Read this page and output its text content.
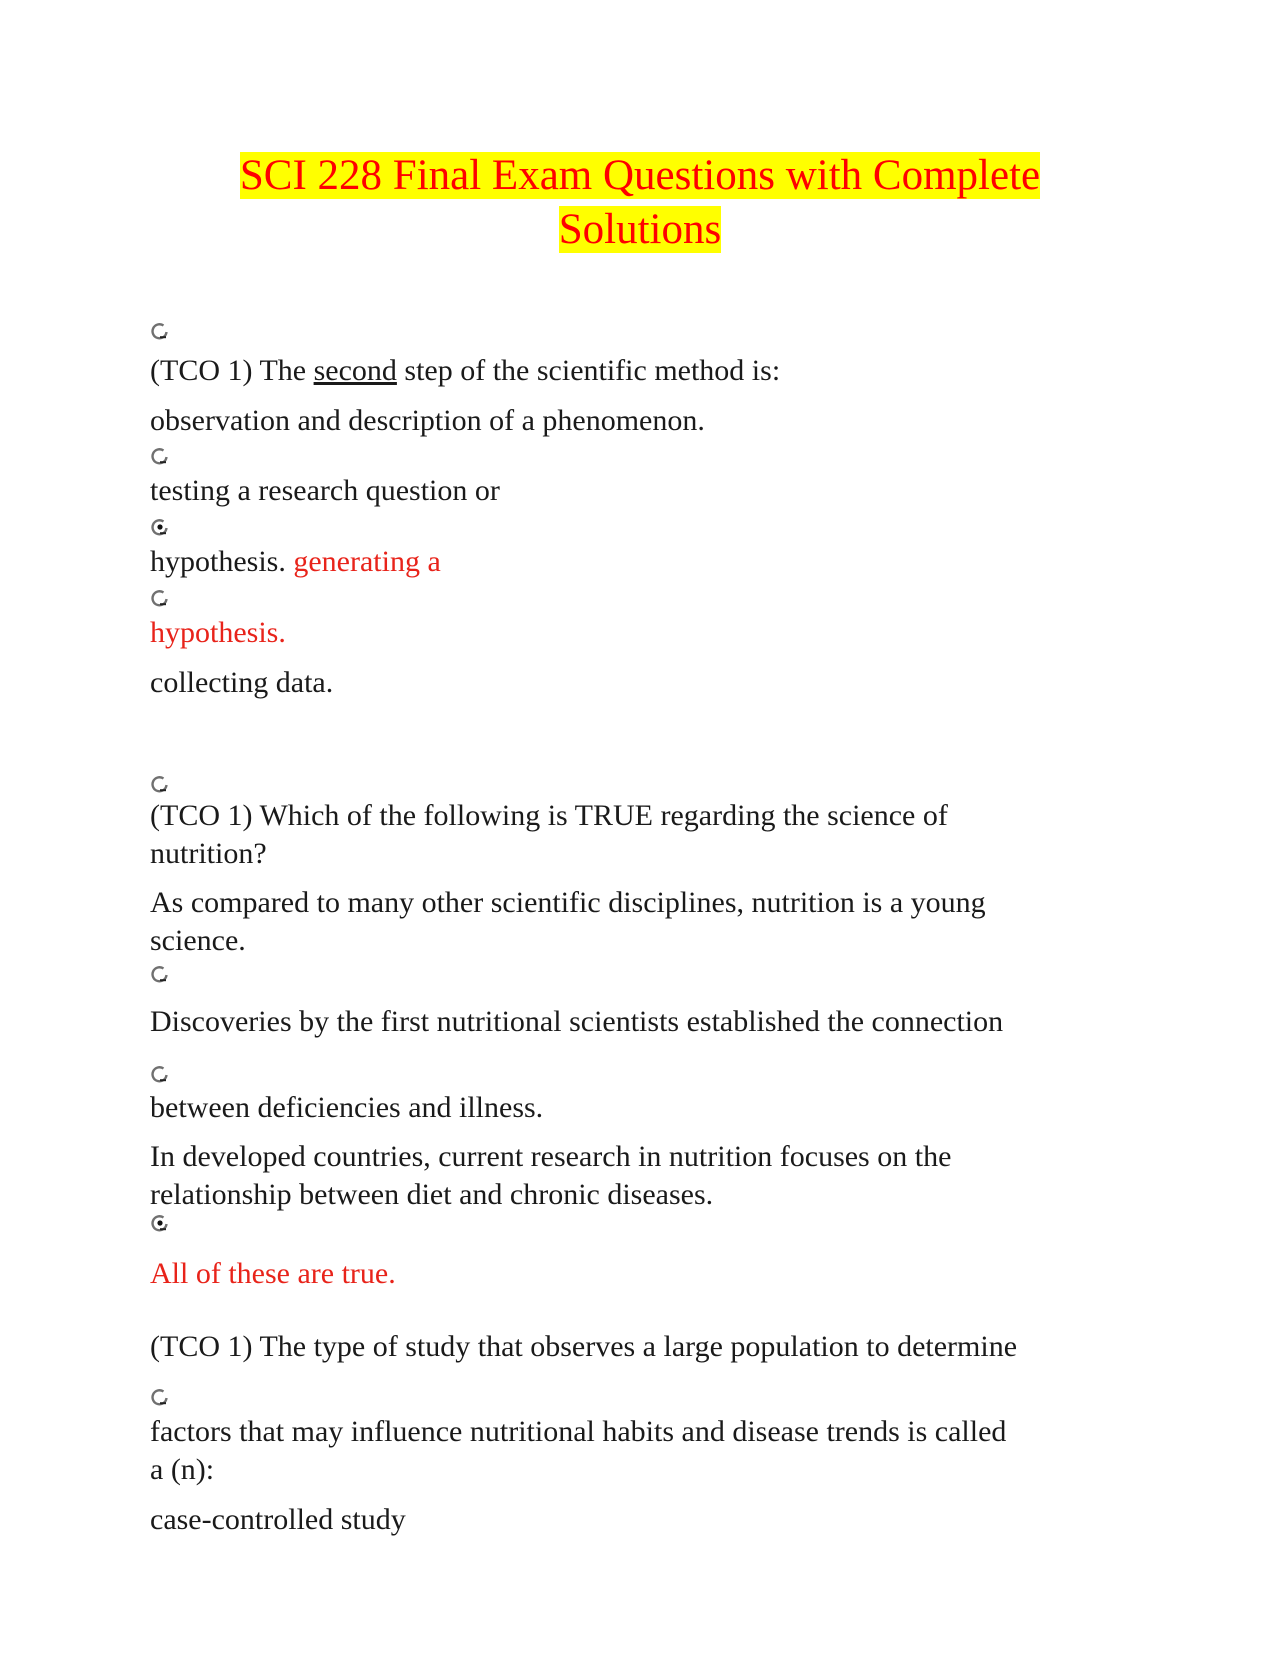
SCI 228 Final Exam Questions with Complete
Solutions

(TCO 1) The second step of the scientific method is:

observation and description of a phenomenon.

testing a research question or

hypothesis. generating a

hypothesis.

collecting data.

(TCO 1) Which of the following is TRUE regarding the science of

nutrition?

As compared to many other scientific disciplines, nutrition is a young

science.

Discoveries by the first nutritional scientists established the connection

between deficiencies and illness.

In developed countries, current research in nutrition focuses on the

relationship between diet and chronic diseases.

All of these are true.

(TCO 1) The type of study that observes a large population to determine

factors that may influence nutritional habits and disease trends is called

a (n):

case-controlled study
